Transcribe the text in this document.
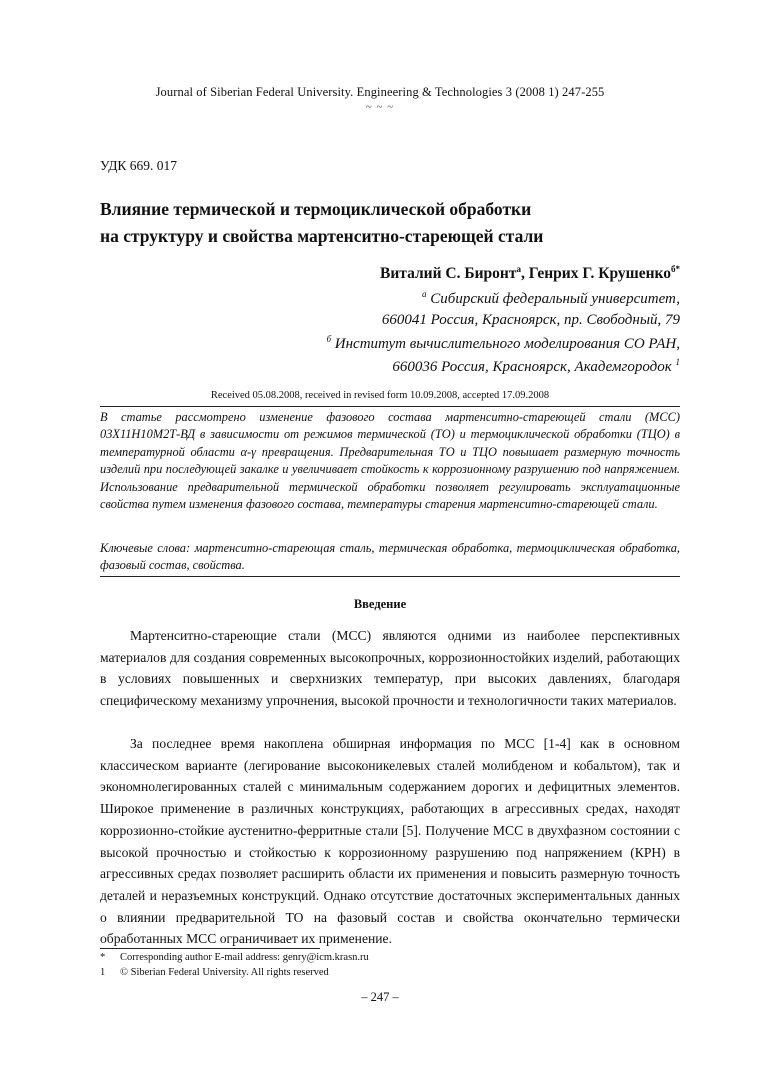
Journal of Siberian Federal University. Engineering & Technologies 3 (2008 1) 247-255
~ ~ ~
УДК 669. 017
Влияние термической и термоциклической обработки
на структуру и свойства мартенситно-стареющей стали
Виталий С. Биронт$^а$, Генрих Г. Крушенко$^{б*}$
$^а$ Сибирский федеральный университет,
660041 Россия, Красноярск, пр. Свободный, 79
$^б$ Институт вычислительного моделирования СО РАН,
660036 Россия, Красноярск, Академгородок $^1$
Received 05.08.2008, received in revised form 10.09.2008, accepted 17.09.2008

В статье рассмотрено изменение фазового состава мартенситно-стареющей стали (МСС) 03Х11Н10М2Т-ВД в зависимости от режимов термической (ТО) и термоциклической обработки (ТЦО) в температурной области α-γ превращения. Предварительная ТО и ТЦО повышает размерную точность изделий при последующей закалке и увеличивает стойкость к коррозионному разрушению под напряжением. Использование предварительной термической обработки позволяет регулировать эксплуатационные свойства путем изменения фазового состава, температуры старения мартенситно-стареющей стали.

Ключевые слова: мартенситно-стареющая сталь, термическая обработка, термоциклическая обработка, фазовый состав, свойства.

Введение

Мартенситно-стареющие стали (МСС) являются одними из наиболее перспективных материалов для создания современных высокопрочных, коррозионностойких изделий, работающих в условиях повышенных и сверхнизких температур, при высоких давлениях, благодаря специфическому механизму упрочнения, высокой прочности и технологичности таких материалов.

За последнее время накоплена обширная информация по МСС [1-4] как в основном классическом варианте (легирование высоконикелевых сталей молибденом и кобальтом), так и экономнолегированных сталей с минимальным содержанием дорогих и дефицитных элементов. Широкое применение в различных конструкциях, работающих в агрессивных средах, находят коррозионно-стойкие аустенитно-ферритные стали [5]. Получение МСС в двухфазном состоянии с высокой прочностью и стойкостью к коррозионному разрушению под напряжением (КРН) в агрессивных средах позволяет расширить области их применения и повысить размерную точность деталей и неразъемных конструкций. Однако отсутствие достаточных экспериментальных данных о влиянии предварительной ТО на фазовый состав и свойства окончательно термически обработанных МСС ограничивает их применение.

* Corresponding author E-mail address: genry@icm.krasn.ru
1 © Siberian Federal University. All rights reserved
– 247 –
